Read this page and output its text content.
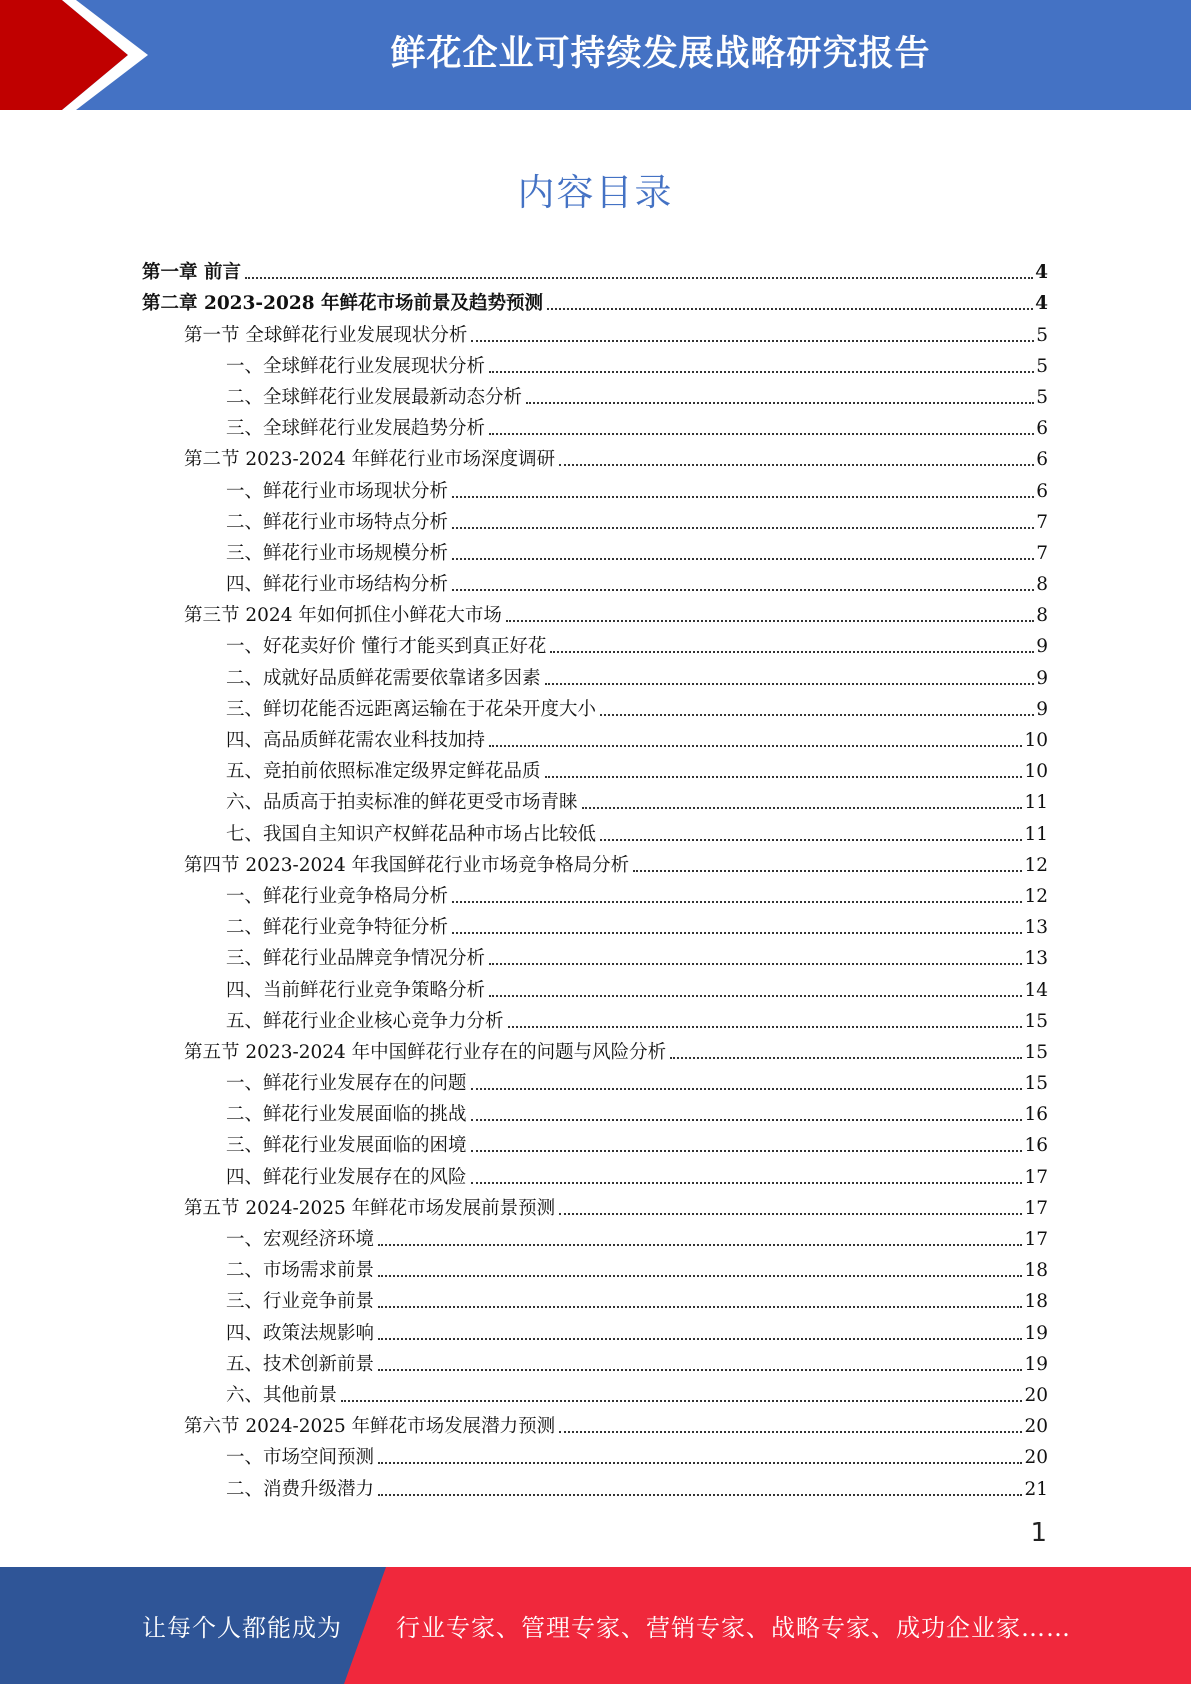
鲜花企业可持续发展战略研究报告
内容目录
第一章 前言	4
第二章 2023-2028 年鲜花市场前景及趋势预测	4
第一节 全球鲜花行业发展现状分析	5
一、全球鲜花行业发展现状分析	5
二、全球鲜花行业发展最新动态分析	5
三、全球鲜花行业发展趋势分析	6
第二节 2023-2024 年鲜花行业市场深度调研	6
一、鲜花行业市场现状分析	6
二、鲜花行业市场特点分析	7
三、鲜花行业市场规模分析	7
四、鲜花行业市场结构分析	8
第三节 2024 年如何抓住小鲜花大市场	8
一、好花卖好价 懂行才能买到真正好花	9
二、成就好品质鲜花需要依靠诸多因素	9
三、鲜切花能否远距离运输在于花朵开度大小	9
四、高品质鲜花需农业科技加持	10
五、竞拍前依照标准定级界定鲜花品质	10
六、品质高于拍卖标准的鲜花更受市场青睐	11
七、我国自主知识产权鲜花品种市场占比较低	11
第四节 2023-2024 年我国鲜花行业市场竞争格局分析	12
一、鲜花行业竞争格局分析	12
二、鲜花行业竞争特征分析	13
三、鲜花行业品牌竞争情况分析	13
四、当前鲜花行业竞争策略分析	14
五、鲜花行业企业核心竞争力分析	15
第五节 2023-2024 年中国鲜花行业存在的问题与风险分析	15
一、鲜花行业发展存在的问题	15
二、鲜花行业发展面临的挑战	16
三、鲜花行业发展面临的困境	16
四、鲜花行业发展存在的风险	17
第五节 2024-2025 年鲜花市场发展前景预测	17
一、宏观经济环境	17
二、市场需求前景	18
三、行业竞争前景	18
四、政策法规影响	19
五、技术创新前景	19
六、其他前景	20
第六节 2024-2025 年鲜花市场发展潜力预测	20
一、市场空间预测	20
二、消费升级潜力	21
1
让每个人都能成为 行业专家、管理专家、营销专家、战略专家、成功企业家……
